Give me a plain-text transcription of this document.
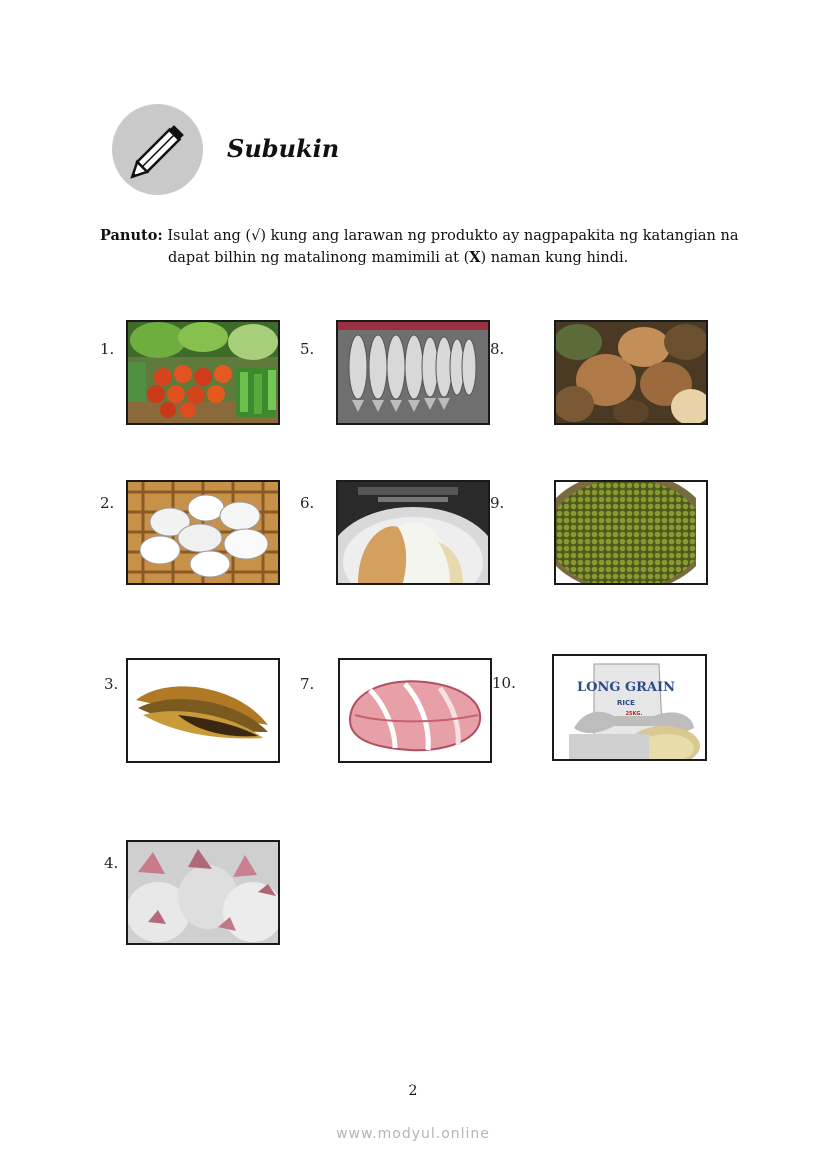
Subukin
Panuto: Isulat ang (√) kung ang larawan ng produkto ay nagpapakita ng katangian na
dapat bilhin ng matalinong mamimili at (X) naman kung hindi.
1.
2.
3.
4.
5.
6.
7.
8.
9.
10.	LONG GRAIN
RICE
25KG.
2
www.modyul.online
